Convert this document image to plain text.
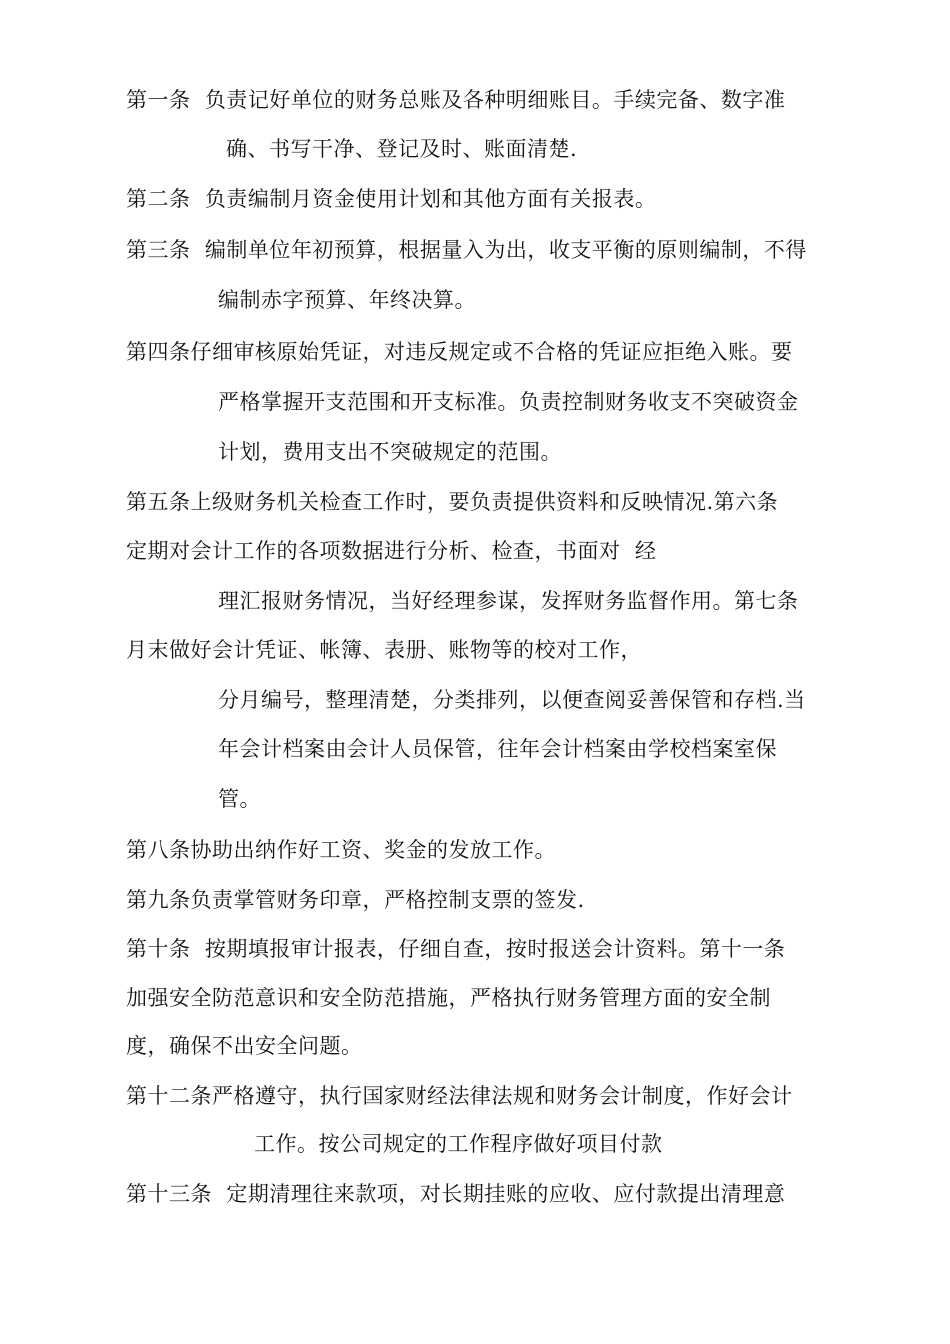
第一条  负责记好单位的财务总账及各种明细账目。手续完备、数字准
确、书写干净、登记及时、账面清楚.
第二条  负责编制月资金使用计划和其他方面有关报表。
第三条  编制单位年初预算，根据量入为出，收支平衡的原则编制，不得
编制赤字预算、年终决算。
第四条仔细审核原始凭证，对违反规定或不合格的凭证应拒绝入账。要
严格掌握开支范围和开支标准。负责控制财务收支不突破资金
计划，费用支出不突破规定的范围。
第五条上级财务机关检查工作时，要负责提供资料和反映情况.第六条
定期对会计工作的各项数据进行分析、检查，书面对  经
理汇报财务情况，当好经理参谋，发挥财务监督作用。第七条
月末做好会计凭证、帐簿、表册、账物等的校对工作，
分月编号，整理清楚，分类排列，以便查阅妥善保管和存档.当
年会计档案由会计人员保管，往年会计档案由学校档案室保
管。
第八条协助出纳作好工资、奖金的发放工作。
第九条负责掌管财务印章，严格控制支票的签发.
第十条  按期填报审计报表，仔细自查，按时报送会计资料。第十一条
加强安全防范意识和安全防范措施，严格执行财务管理方面的安全制
度，确保不出安全问题。
第十二条严格遵守，执行国家财经法律法规和财务会计制度，作好会计
工作。按公司规定的工作程序做好项目付款
第十三条  定期清理往来款项，对长期挂账的应收、应付款提出清理意
